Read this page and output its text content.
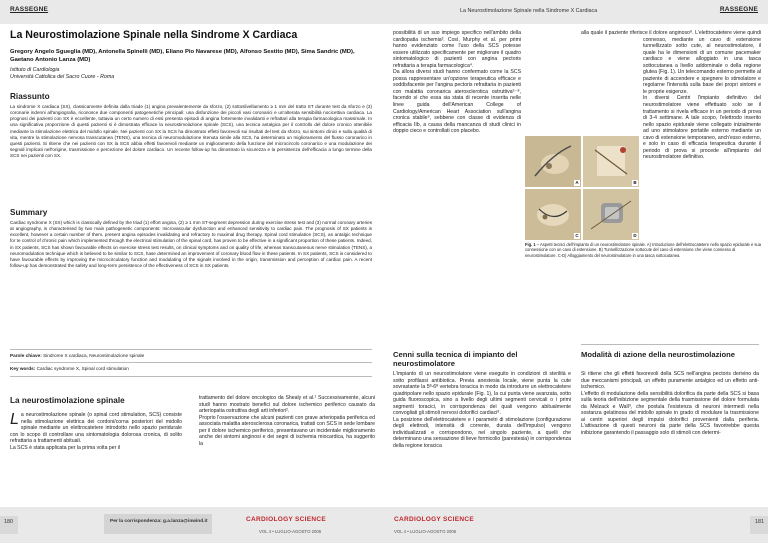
RASSEGNE
La Neurostimolazione Spinale nella Sindrome X Cardiaca
Gregory Angelo Sgueglia (MD), Antonella Spinelli (MD), Eliano Pio Navarese (MD), Alfonso Sestito (MD), Sima Sandric (MD), Gaetano Antonio Lanza (MD)
Istituto di Cardiologia
Università Cattolica del Sacro Cuore - Roma
Riassunto
La sindrome X cardiaca (SX), classicamente definita dalla triade (1) angina prevalentemente da sforzo, (2) sottoslivellamento ≥ 1 mm del tratto ST durante test da sforzo e (3) coronarie indenni all'angiografia, riconosce due componenti patogenetiche principali: una disfunzione dei piccoli vasi coronarici e un'alterata sensibilità nocicettiva cardiaca. La prognosi dei pazienti con SX è eccellente, tuttavia un certo numero di essi presenta episodi di angina fortemente invalidanti e refrattari alla terapia farmacologica massimale. In una significativa proporzione di questi pazienti si è dimostrata efficace la neurostimolazione spinale (SCS), una tecnica antalgica per il controllo del dolore cronico ottenibile mediante la stimolazione elettrica del midollo spinale. Nei pazienti con SX la SCS ha dimostrato effetti favorevoli sui risultati del test da sforzo, sui sintomi clinici e sulla qualità di vita, mentre la stimolazione nervosa transcutanea (TENS), una tecnica di neuromodulazione ritenuta simile alla SCS, ha determinato un miglioramento del flusso coronarico in questi pazienti. Si ritiene che nei pazienti con SX la SCS abbia effetti favorevoli mediante un miglioramento della funzione del microcircolo coronarico e una modulazione dei segnali implicati nell'origine, trasmissione e percezione del dolore cardiaco. Un recente follow-up ha dimostrato la sicurezza e la persistenza dell'efficacia a lungo termine della SCS nei pazienti con SX.
Summary
Cardiac syndrome X (SX) which is classically defined by the triad (1) effort angina, (2) ≥ 1 mm ST-segment depression during exercise stress test and (3) normal coronary arteries at angiography, is characterised by two main pathogenetic components: microvascular dysfunction and enhanced sensitivity to cardiac pain. The prognosis of SX patients is excellent, however a certain number of them, present angina episodes invalidating and refractory to maximal drug therapy. Spinal cord stimulation (SCS), an antalgic technique for te control of chronic pain which implemented through the electrical stimulation of the spinal cord, has proven to be effective in a significant proportion of these patients. Indeed, in SX patients, SCS has shown favourable effects on exercise stress test results, on clinical symptoms and on quality of life, whereas transcutaneous nerve stimulation (TENS), a neuromodulation technique which is believed to be similar to SCS, hase determined an improvement of coronary blood flow in these patients. In SX patients, SCS is considered to have favourable effects by improving the microcirculatory function and modulating of the signals involved in the origin, transmission and perception of cardiac pain. A recent follow-up has demonstrated the safety and long-term persistence of the effectiveness of SCS in SX patients.
Parole chiave: Sindrome X cardiaca, Neurostimolazione spinale
Key words: Cardiac syndrome X, Spinal cord stimulation
La neurostimolazione spinale
La neurostimolazione spinale (o spinal cord stimulation, SCS) consiste nella stimolazione elettrica dei cordoni/corna posteriori del midollo spinale mediante un elettrocatetere introdotto nello spazio peridurale con lo scopo di controllare una sintomatologia dolorosa cronica, di solito refrattaria a trattamenti abituali.
La SCS è stata applicata per la prima volta per il
trattamento del dolore oncologico da Shealy et al.¹ Successivamente, alcuni studi hanno mostrato benefici sul dolore ischemico periferico causato da arteriopatia ostruttiva degli arti inferiori².
Proprio l'osservazione che alcuni pazienti con grave arteriopatia periferica ed associata malattia aterosclerosa coronarica, trattati con SCS in sede lombare per il dolore ischemico periferico, presentavano un incidentale miglioramento anche dei sintomi anginosi e dei segni di ischemia miocardica, ha suggerito la
180	Per la corrispondenza: g.a.lanza@inwind.it	CARDIOLOGY SCIENCE
VOL 4 • LUGLIO-AGOSTO 2006
La Neurostimolazione Spinale nella Sindrome X Cardiaca	RASSEGNE
possibilità di un suo impiego specifico nell'ambito della cardiopatia ischemia³. Così, Murphy et al. per primi hanno evidenziato come l'uso della SCS potesse essere utilizzato specificamente per migliorare il quadro sintomatologico di pazienti con angina pectoris refrattaria a terapia farmacologica⁴.
Da allora diversi studi hanno confermato come la SCS possa rappresentare un'opzione terapeutica efficace e soddisfacente per l'angina pectoris refrattaria in pazienti con malattia coronarica aterosclerotica ostruttiva⁵⁻⁸, facendo sì che essa sia stata di recente inserita nelle linee guida dell'American College of Cardiology/American Heart Association sull'angina cronica stabile⁹, sebbene con classe di evidenza di efficacia IIb, a causa della mancanza di studi clinici in doppio cieco e controllati con placebo.
alla quale il paziente riferisce il dolore anginoso⁸. L'elettrocatetere viene quindi connesso, mediante un cavo di estensione tunnellizzato sotto cute, al neurostimolatore, il quale ha le dimensioni di un comune pacemaker cardiaco e viene alloggiato in una tasca sottocutanea a livello addominale o della regione glutea (Fig. 1). Un telecomando esterno permette al paziente di accendere e spegnere lo stimolatore e regolarne l'intensità sulla base dei propri sintomi e le proprie esigenze.
In diversi Centri l'impianto definitivo del neurostimolatore viene effettuato solo se il trattamento si rivela efficace in un periodo di prova di 3-4 settimane. A tale scopo, l'elettrodo inserito nello spazio epidurale viene collegato inizialmente ad uno stimolatore portatile esterno mediante un cavo di estensione temporaneo, anch'esso esterno, e solo in caso di efficacia terapeutica durante il periodo di prova si procede all'impianto del neurostimolatore definitivo.
A	B
C	D
Fig. 1 – Aspetti tecnici dell'impianto di un neurostimolatore spinale. A) Introduzione dell'elettrocatetere nello spazio epidurale e sua connessione con un cavo di estensione. B) Tunnellizzazione sottocute del cavo di estensione che viene connesso al neurostimolatore. C-D) Alloggiamento del neurostimolatore in una tasca sottocutanea.
Cenni sulla tecnica di impianto del neurostimolatore
Modalità di azione della neurostimolazione
L'impianto di un neurostimolatore viene eseguito in condizioni di sterilità e sotto profilassi antibiotica. Previa anestesia locale, viene punta la cute sovrastante la 5ª-6ª vertebra toracica in modo da introdurre un elettrocatetere quadripolare nello spazio epidurale (Fig. 1), la cui punta viene avanzata, sotto guida fluoroscopica, sino a livello degli ultimi segmenti cervicali o i primi segmenti toracici, in corrispondenza dei quali vengono abitualmente convogliati gli stimoli nervosi dolorifici cardiaci⁸.
La posizione dell'elettrocatetere e i parametri di stimolazione (configurazione degli elettrodi, intensità di corrente, durata dell'impulso) vengono individualizzati e corrispondono, nel singolo paziente, a quelli che determinano una sensazione di lieve formicolio (parestesia) in corrispondenza della regione toracica
Si ritiene che gli effetti favorevoli della SCS nell'angina pectoris derivino da due meccanismi principali, un effetto puramente antalgico ed un effetto anti-ischemico.
L'effetto di modulazione della sensibilità dolorifica da parte della SCS si basa sulla teoria dell'inibizione segmentale della trasmissione del dolore formulata da Melzack e Wall⁹, che postula l'esistenza di neuroni intermedi nella sostanza gelatinosa del midollo spinale in grado di modulare la trasmissione ai centri superiori degli impulsi dolorifici provenienti dalla periferia. L'attivazione di questi neuroni da parte della SCS favorirebbe questa inibizione garantendo il passaggio solo di stimoli con determi-
CARDIOLOGY SCIENCE
VOL 4 • LUGLIO-AGOSTO 2006
181
